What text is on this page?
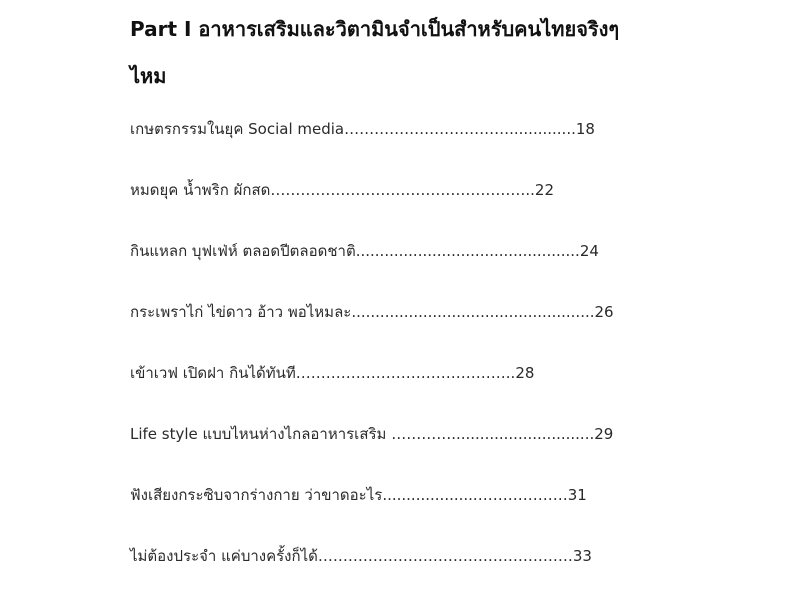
Part I อาหารเสริมและวิตามินจำเป็นสำหรับคนไทยจริงๆ ไหม
เกษตรกรรมในยุค Social media……………………………..............18
หมดยุค น้ำพริก ผักสด……………………………………………..22
กินแหลก บุฟเฟ่ห์ ตลอดปีตลอดชาติ...............................................24
กระเพราไก่ ไข่ดาว อ้าว พอไหมละ...................................................26
เข้าเวฟ เปิดฝา กินได้ทันที……………………………………..28
Life style แบบไหนห่างไกลอาหารเสริม …………..............................29
ฟังเสียงกระซิบจากร่างกาย ว่าขาดอะไร....................………………31
ไม่ต้องประจำ แค่บางครั้งก็ได้……………………………………………33
